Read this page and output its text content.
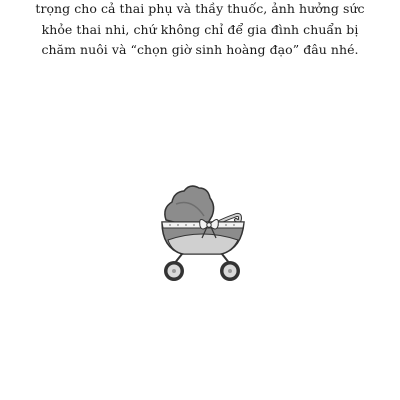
trọng cho cả thai phụ và thầy thuốc, ảnh hưởng sức
khỏe thai nhi, chứ không chỉ để gia đình chuẩn bị
chăm nuôi và “chọn giờ sinh hoàng đạo” đâu nhé.
